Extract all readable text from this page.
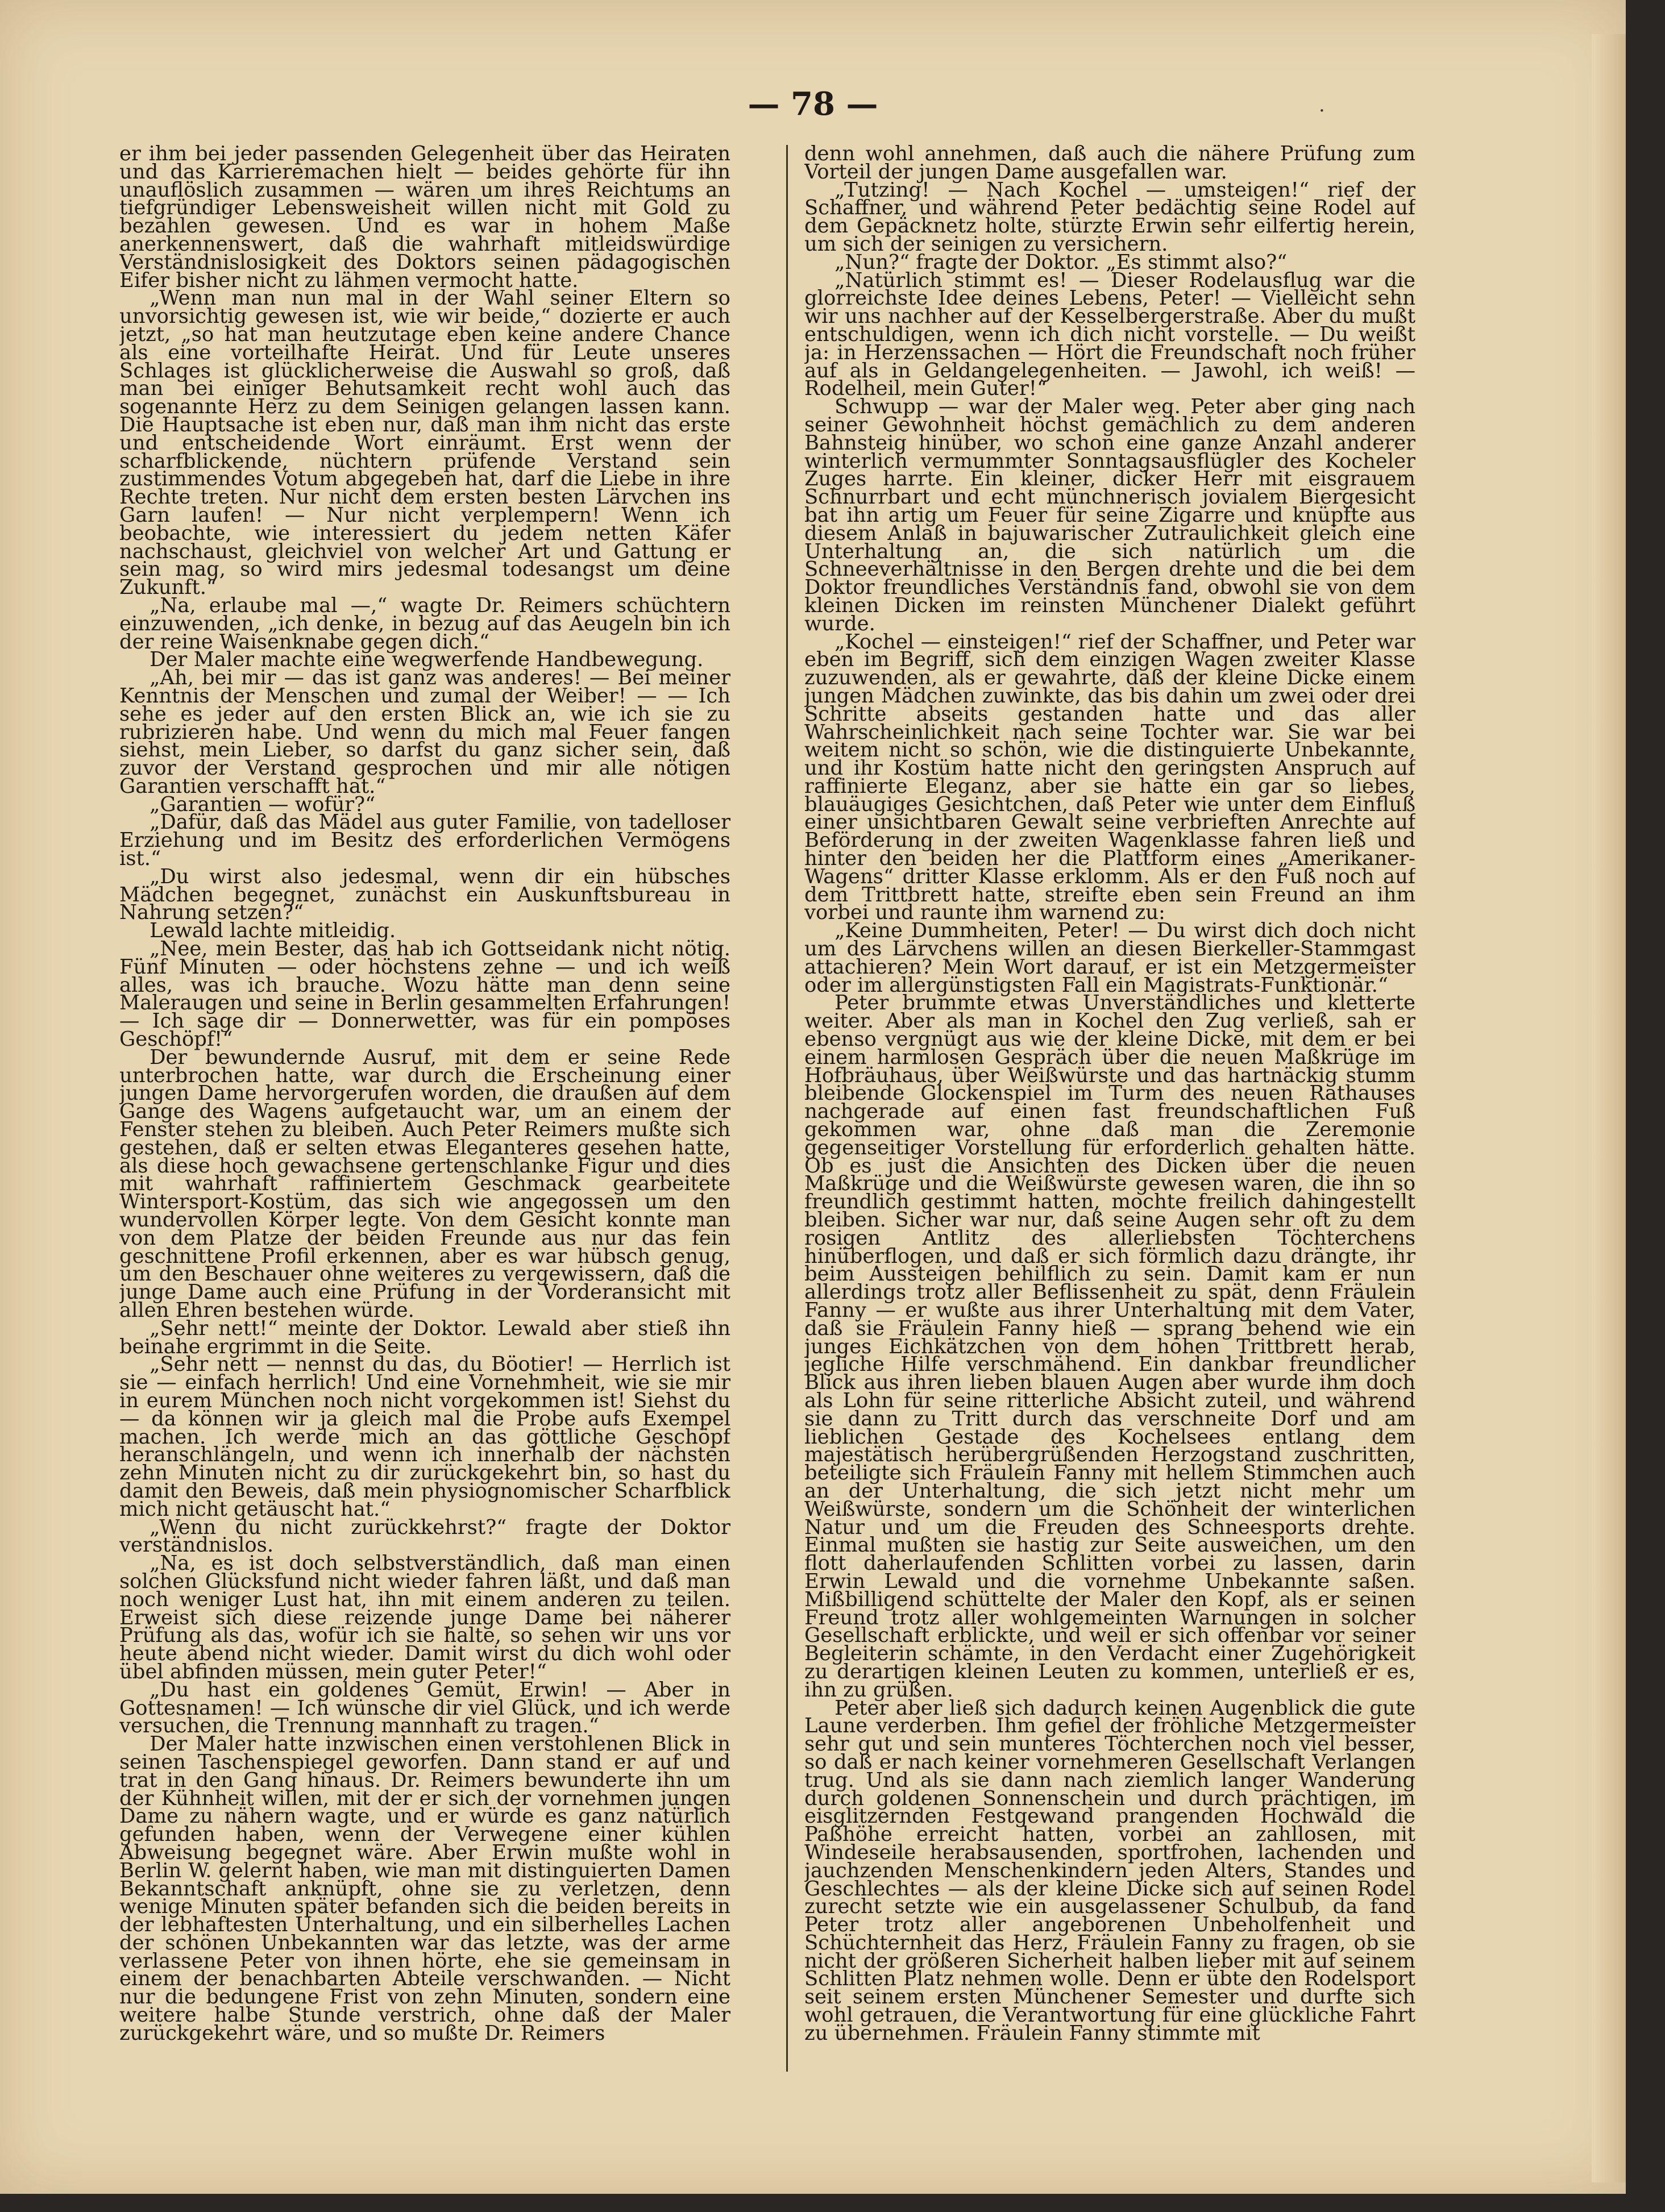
·
— 78 —

er ihm bei jeder passenden Gelegenheit über das Heiraten und das Karrieremachen hielt — beides gehörte für ihn unauflöslich zusammen — wären um ihres Reichtums an tiefgründiger Lebensweisheit willen nicht mit Gold zu bezahlen gewesen. Und es war in hohem Maße anerkennenswert, daß die wahrhaft mitleidswürdige Verständnislosigkeit des Doktors seinen pädagogischen Eifer bisher nicht zu lähmen vermocht hatte.

„Wenn man nun mal in der Wahl seiner Eltern so unvorsichtig gewesen ist, wie wir beide,“ dozierte er auch jetzt, „so hat man heutzutage eben keine andere Chance als eine vorteilhafte Heirat. Und für Leute unseres Schlages ist glücklicherweise die Auswahl so groß, daß man bei einiger Behutsamkeit recht wohl auch das sogenannte Herz zu dem Seinigen gelangen lassen kann. Die Hauptsache ist eben nur, daß man ihm nicht das erste und entscheidende Wort einräumt. Erst wenn der scharfblickende, nüchtern prüfende Verstand sein zustimmendes Votum abgegeben hat, darf die Liebe in ihre Rechte treten. Nur nicht dem ersten besten Lärvchen ins Garn laufen! — Nur nicht verplempern! Wenn ich beobachte, wie interessiert du jedem netten Käfer nachschaust, gleichviel von welcher Art und Gattung er sein mag, so wird mirs jedesmal todesangst um deine Zukunft.“

„Na, erlaube mal —,“ wagte Dr. Reimers schüchtern einzuwenden, „ich denke, in bezug auf das Aeugeln bin ich der reine Waisenknabe gegen dich.“

Der Maler machte eine wegwerfende Handbewegung.

„Ah, bei mir — das ist ganz was anderes! — Bei meiner Kenntnis der Menschen und zumal der Weiber! — — Ich sehe es jeder auf den ersten Blick an, wie ich sie zu rubrizieren habe. Und wenn du mich mal Feuer fangen siehst, mein Lieber, so darfst du ganz sicher sein, daß zuvor der Verstand gesprochen und mir alle nötigen Garantien verschafft hat.“

„Garantien — wofür?“

„Dafür, daß das Mädel aus guter Familie, von tadelloser Erziehung und im Besitz des erforderlichen Vermögens ist.“

„Du wirst also jedesmal, wenn dir ein hübsches Mädchen begegnet, zunächst ein Auskunftsbureau in Nahrung setzen?“

Lewald lachte mitleidig.

„Nee, mein Bester, das hab ich Gottseidank nicht nötig. Fünf Minuten — oder höchstens zehne — und ich weiß alles, was ich brauche. Wozu hätte man denn seine Maleraugen und seine in Berlin gesammelten Erfahrungen! — Ich sage dir — Donnerwetter, was für ein pompöses Geschöpf!“

Der bewundernde Ausruf, mit dem er seine Rede unterbrochen hatte, war durch die Erscheinung einer jungen Dame hervorgerufen worden, die draußen auf dem Gange des Wagens aufgetaucht war, um an einem der Fenster stehen zu bleiben. Auch Peter Reimers mußte sich gestehen, daß er selten etwas Eleganteres gesehen hatte, als diese hoch gewachsene gertenschlanke Figur und dies mit wahrhaft raffiniertem Geschmack gearbeitete Wintersport-Kostüm, das sich wie angegossen um den wundervollen Körper legte. Von dem Gesicht konnte man von dem Platze der beiden Freunde aus nur das fein geschnittene Profil erkennen, aber es war hübsch genug, um den Beschauer ohne weiteres zu vergewissern, daß die junge Dame auch eine Prüfung in der Vorderansicht mit allen Ehren bestehen würde.

„Sehr nett!“ meinte der Doktor. Lewald aber stieß ihn beinahe ergrimmt in die Seite.

„Sehr nett — nennst du das, du Böotier! — Herrlich ist sie — einfach herrlich! Und eine Vornehmheit, wie sie mir in eurem München noch nicht vorgekommen ist! Siehst du — da können wir ja gleich mal die Probe aufs Exempel machen. Ich werde mich an das göttliche Geschöpf heranschlängeln, und wenn ich innerhalb der nächsten zehn Minuten nicht zu dir zurückgekehrt bin, so hast du damit den Beweis, daß mein physiognomischer Scharfblick mich nicht getäuscht hat.“

„Wenn du nicht zurückkehrst?“ fragte der Doktor verständnislos.

„Na, es ist doch selbstverständlich, daß man einen solchen Glücksfund nicht wieder fahren läßt, und daß man noch weniger Lust hat, ihn mit einem anderen zu teilen. Erweist sich diese reizende junge Dame bei näherer Prüfung als das, wofür ich sie halte, so sehen wir uns vor heute abend nicht wieder. Damit wirst du dich wohl oder übel abfinden müssen, mein guter Peter!“

„Du hast ein goldenes Gemüt, Erwin! — Aber in Gottesnamen! — Ich wünsche dir viel Glück, und ich werde versuchen, die Trennung mannhaft zu tragen.“

Der Maler hatte inzwischen einen verstohlenen Blick in seinen Taschenspiegel geworfen. Dann stand er auf und trat in den Gang hinaus. Dr. Reimers bewunderte ihn um der Kühnheit willen, mit der er sich der vornehmen jungen Dame zu nähern wagte, und er würde es ganz natürlich gefunden haben, wenn der Verwegene einer kühlen Abweisung begegnet wäre. Aber Erwin mußte wohl in Berlin W. gelernt haben, wie man mit distinguierten Damen Bekanntschaft anknüpft, ohne sie zu verletzen, denn wenige Minuten später befanden sich die beiden bereits in der lebhaftesten Unterhaltung, und ein silberhelles Lachen der schönen Unbekannten war das letzte, was der arme verlassene Peter von ihnen hörte, ehe sie gemeinsam in einem der benachbarten Abteile verschwanden. — Nicht nur die bedungene Frist von zehn Minuten, sondern eine weitere halbe Stunde verstrich, ohne daß der Maler zurückgekehrt wäre, und so mußte Dr. Reimers

denn wohl annehmen, daß auch die nähere Prüfung zum Vorteil der jungen Dame ausgefallen war.

„Tutzing! — Nach Kochel — umsteigen!“ rief der Schaffner, und während Peter bedächtig seine Rodel auf dem Gepäcknetz holte, stürzte Erwin sehr eilfertig herein, um sich der seinigen zu versichern.

„Nun?“ fragte der Doktor. „Es stimmt also?“

„Natürlich stimmt es! — Dieser Rodelausflug war die glorreichste Idee deines Lebens, Peter! — Vielleicht sehn wir uns nachher auf der Kesselbergerstraße. Aber du mußt entschuldigen, wenn ich dich nicht vorstelle. — Du weißt ja: in Herzenssachen — Hört die Freundschaft noch früher auf als in Geldangelegenheiten. — Jawohl, ich weiß! — Rodelheil, mein Guter!“

Schwupp — war der Maler weg. Peter aber ging nach seiner Gewohnheit höchst gemächlich zu dem anderen Bahnsteig hinüber, wo schon eine ganze Anzahl anderer winterlich vermummter Sonntagsausflügler des Kocheler Zuges harrte. Ein kleiner, dicker Herr mit eisgrauem Schnurrbart und echt münchnerisch jovialem Biergesicht bat ihn artig um Feuer für seine Zigarre und knüpfte aus diesem Anlaß in bajuwarischer Zutraulichkeit gleich eine Unterhaltung an, die sich natürlich um die Schneeverhältnisse in den Bergen drehte und die bei dem Doktor freundliches Verständnis fand, obwohl sie von dem kleinen Dicken im reinsten Münchener Dialekt geführt wurde.

„Kochel — einsteigen!“ rief der Schaffner, und Peter war eben im Begriff, sich dem einzigen Wagen zweiter Klasse zuzuwenden, als er gewahrte, daß der kleine Dicke einem jungen Mädchen zuwinkte, das bis dahin um zwei oder drei Schritte abseits gestanden hatte und das aller Wahrscheinlichkeit nach seine Tochter war. Sie war bei weitem nicht so schön, wie die distinguierte Unbekannte, und ihr Kostüm hatte nicht den geringsten Anspruch auf raffinierte Eleganz, aber sie hatte ein gar so liebes, blauäugiges Gesichtchen, daß Peter wie unter dem Einfluß einer unsichtbaren Gewalt seine verbrieften Anrechte auf Beförderung in der zweiten Wagenklasse fahren ließ und hinter den beiden her die Plattform eines „Amerikaner-Wagens“ dritter Klasse erklomm. Als er den Fuß noch auf dem Trittbrett hatte, streifte eben sein Freund an ihm vorbei und raunte ihm warnend zu:

„Keine Dummheiten, Peter! — Du wirst dich doch nicht um des Lärvchens willen an diesen Bierkeller-Stammgast attachieren? Mein Wort darauf, er ist ein Metzgermeister oder im allergünstigsten Fall ein Magistrats-Funktionär.“

Peter brummte etwas Unverständliches und kletterte weiter. Aber als man in Kochel den Zug verließ, sah er ebenso vergnügt aus wie der kleine Dicke, mit dem er bei einem harmlosen Gespräch über die neuen Maßkrüge im Hofbräuhaus, über Weißwürste und das hartnäckig stumm bleibende Glockenspiel im Turm des neuen Rathauses nachgerade auf einen fast freundschaftlichen Fuß gekommen war, ohne daß man die Zeremonie gegenseitiger Vorstellung für erforderlich gehalten hätte. Ob es just die Ansichten des Dicken über die neuen Maßkrüge und die Weißwürste gewesen waren, die ihn so freundlich gestimmt hatten, mochte freilich dahingestellt bleiben. Sicher war nur, daß seine Augen sehr oft zu dem rosigen Antlitz des allerliebsten Töchterchens hinüberflogen, und daß er sich förmlich dazu drängte, ihr beim Aussteigen behilflich zu sein. Damit kam er nun allerdings trotz aller Beflissenheit zu spät, denn Fräulein Fanny — er wußte aus ihrer Unterhaltung mit dem Vater, daß sie Fräulein Fanny hieß — sprang behend wie ein junges Eichkätzchen von dem hohen Trittbrett herab, jegliche Hilfe verschmähend. Ein dankbar freundlicher Blick aus ihren lieben blauen Augen aber wurde ihm doch als Lohn für seine ritterliche Absicht zuteil, und während sie dann zu Tritt durch das verschneite Dorf und am lieblichen Gestade des Kochelsees entlang dem majestätisch herübergrüßenden Herzogstand zuschritten, beteiligte sich Fräulein Fanny mit hellem Stimmchen auch an der Unterhaltung, die sich jetzt nicht mehr um Weißwürste, sondern um die Schönheit der winterlichen Natur und um die Freuden des Schneesports drehte. Einmal mußten sie hastig zur Seite ausweichen, um den flott daherlaufenden Schlitten vorbei zu lassen, darin Erwin Lewald und die vornehme Unbekannte saßen. Mißbilligend schüttelte der Maler den Kopf, als er seinen Freund trotz aller wohlgemeinten Warnungen in solcher Gesellschaft erblickte, und weil er sich offenbar vor seiner Begleiterin schämte, in den Verdacht einer Zugehörigkeit zu derartigen kleinen Leuten zu kommen, unterließ er es, ihn zu grüßen.

Peter aber ließ sich dadurch keinen Augenblick die gute Laune verderben. Ihm gefiel der fröhliche Metzgermeister sehr gut und sein munteres Töchterchen noch viel besser, so daß er nach keiner vornehmeren Gesellschaft Verlangen trug. Und als sie dann nach ziemlich langer Wanderung durch goldenen Sonnenschein und durch prächtigen, im eisglitzernden Festgewand prangenden Hochwald die Paßhöhe erreicht hatten, vorbei an zahllosen, mit Windeseile herabsausenden, sportfrohen, lachenden und jauchzenden Menschenkindern jeden Alters, Standes und Geschlechtes — als der kleine Dicke sich auf seinen Rodel zurecht setzte wie ein ausgelassener Schulbub, da fand Peter trotz aller angeborenen Unbeholfenheit und Schüchternheit das Herz, Fräulein Fanny zu fragen, ob sie nicht der größeren Sicherheit halben lieber mit auf seinem Schlitten Platz nehmen wolle. Denn er übte den Rodelsport seit seinem ersten Münchener Semester und durfte sich wohl getrauen, die Verantwortung für eine glückliche Fahrt zu übernehmen. Fräulein Fanny stimmte mit
